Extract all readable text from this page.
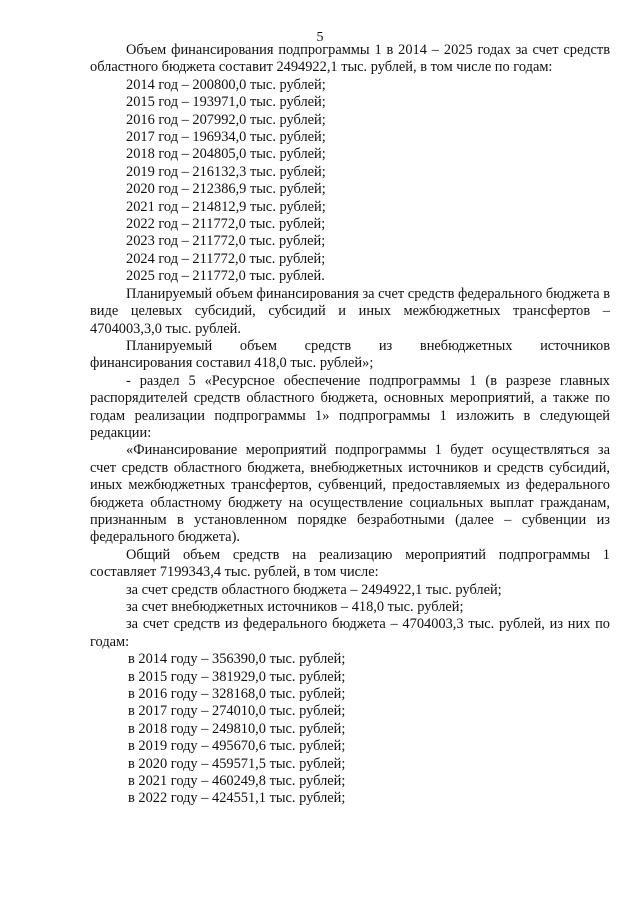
5

Объем финансирования подпрограммы 1 в 2014 – 2025 годах за счет средств областного бюджета составит 2494922,1 тыс. рублей, в том числе по годам:

2014 год – 200800,0 тыс. рублей;

2015 год – 193971,0 тыс. рублей;

2016 год – 207992,0 тыс. рублей;

2017 год – 196934,0 тыс. рублей;

2018 год – 204805,0 тыс. рублей;

2019 год – 216132,3 тыс. рублей;

2020 год – 212386,9 тыс. рублей;

2021 год – 214812,9 тыс. рублей;

2022 год – 211772,0 тыс. рублей;

2023 год – 211772,0 тыс. рублей;

2024 год – 211772,0 тыс. рублей;

2025 год – 211772,0 тыс. рублей.

Планируемый объем финансирования за счет средств федерального бюджета в виде целевых субсидий, субсидий и иных межбюджетных трансфертов – 4704003,3,0 тыс. рублей.

Планируемый объем средств из внебюджетных источников

финансирования составил 418,0 тыс. рублей»;

- раздел 5 «Ресурсное обеспечение подпрограммы 1 (в разрезе главных распорядителей средств областного бюджета, основных мероприятий, а также по годам реализации подпрограммы 1» подпрограммы 1 изложить в следующей редакции:

«Финансирование мероприятий подпрограммы 1 будет осуществляться за счет средств областного бюджета, внебюджетных источников и средств субсидий, иных межбюджетных трансфертов, субвенций, предоставляемых из федерального бюджета областному бюджету на осуществление социальных выплат гражданам, признанным в установленном порядке безработными (далее – субвенции из федерального бюджета).

Общий объем средств на реализацию мероприятий подпрограммы 1 составляет 7199343,4 тыс. рублей, в том числе:

за счет средств областного бюджета – 2494922,1 тыс. рублей;

за счет внебюджетных источников – 418,0 тыс. рублей;

за счет средств из федерального бюджета – 4704003,3 тыс. рублей, из них по годам:

в 2014 году – 356390,0 тыс. рублей;

в 2015 году – 381929,0 тыс. рублей;

в 2016 году – 328168,0 тыс. рублей;

в 2017 году – 274010,0 тыс. рублей;

в 2018 году – 249810,0 тыс. рублей;

в 2019 году – 495670,6 тыс. рублей;

в 2020 году – 459571,5 тыс. рублей;

в 2021 году – 460249,8 тыс. рублей;

в 2022 году – 424551,1 тыс. рублей;
